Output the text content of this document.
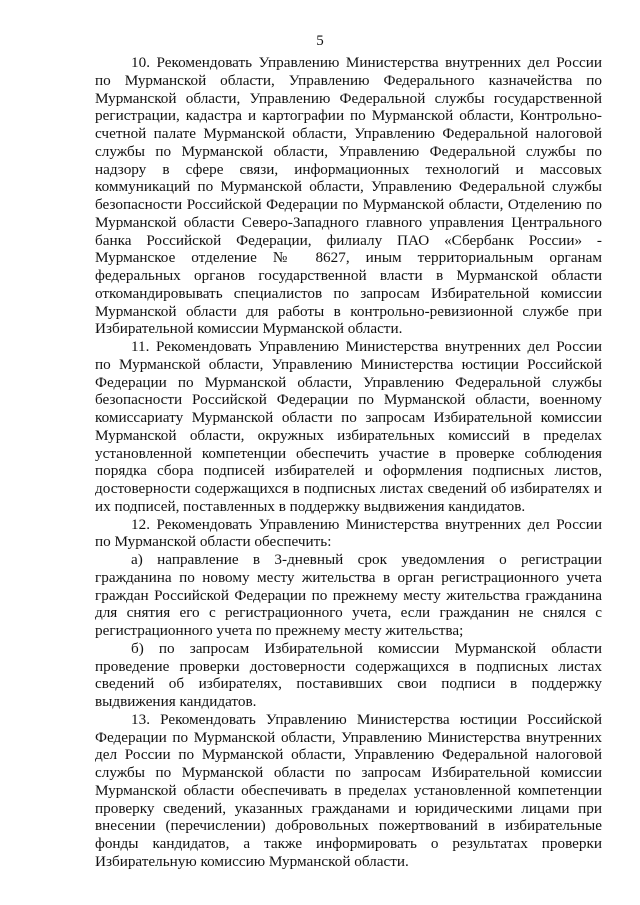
5

10. Рекомендовать Управлению Министерства внутренних дел России по Мурманской области, Управлению Федерального казначейства по Мурманской области, Управлению Федеральной службы государственной регистрации, кадастра и картографии по Мурманской области, Контрольно-счетной палате Мурманской области, Управлению Федеральной налоговой службы по Мурманской области, Управлению Федеральной службы по надзору в сфере связи, информационных технологий и массовых коммуникаций по Мурманской области, Управлению Федеральной службы безопасности Российской Федерации по Мурманской области, Отделению по Мурманской области Северо-Западного главного управления Центрального банка Российской Федерации, филиалу ПАО «Сбербанк России» - Мурманское отделение № 8627, иным территориальным органам федеральных органов государственной власти в Мурманской области откомандировывать специалистов по запросам Избирательной комиссии Мурманской области для работы в контрольно-ревизионной службе при Избирательной комиссии Мурманской области.

11. Рекомендовать Управлению Министерства внутренних дел России по Мурманской области, Управлению Министерства юстиции Российской Федерации по Мурманской области, Управлению Федеральной службы безопасности Российской Федерации по Мурманской области, военному комиссариату Мурманской области по запросам Избирательной комиссии Мурманской области, окружных избирательных комиссий в пределах установленной компетенции обеспечить участие в проверке соблюдения порядка сбора подписей избирателей и оформления подписных листов, достоверности содержащихся в подписных листах сведений об избирателях и их подписей, поставленных в поддержку выдвижения кандидатов.

12. Рекомендовать Управлению Министерства внутренних дел России по Мурманской области обеспечить:

а) направление в 3-дневный срок уведомления о регистрации гражданина по новому месту жительства в орган регистрационного учета граждан Российской Федерации по прежнему месту жительства гражданина для снятия его с регистрационного учета, если гражданин не снялся с регистрационного учета по прежнему месту жительства;

б) по запросам Избирательной комиссии Мурманской области проведение проверки достоверности содержащихся в подписных листах сведений об избирателях, поставивших свои подписи в поддержку выдвижения кандидатов.

13. Рекомендовать Управлению Министерства юстиции Российской Федерации по Мурманской области, Управлению Министерства внутренних дел России по Мурманской области, Управлению Федеральной налоговой службы по Мурманской области по запросам Избирательной комиссии Мурманской области обеспечивать в пределах установленной компетенции проверку сведений, указанных гражданами и юридическими лицами при внесении (перечислении) добровольных пожертвований в избирательные фонды кандидатов, а также информировать о результатах проверки Избирательную комиссию Мурманской области.
